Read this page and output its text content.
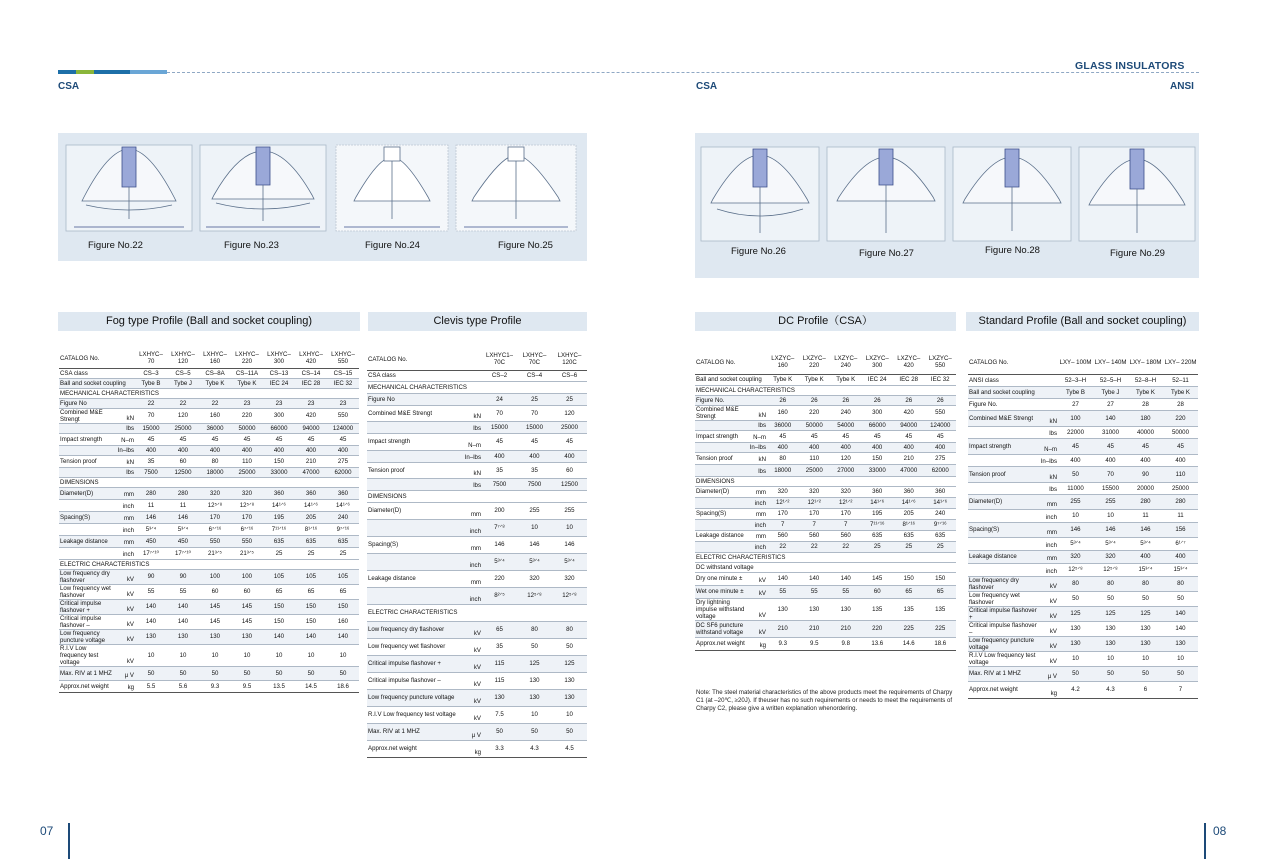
GLASS INSULATORS
CSA	CSA	ANSI
Figure No.22	Figure No.23	Figure No.24	Figure No.25
Figure No.26	Figure No.27	Figure No.28	Figure No.29
Fog type Profile (Ball and socket coupling)	Clevis type Profile	DC Profile（CSA）	Standard Profile (Ball and socket coupling)
CATALOG No.	LXHYC– 70	LXHYC– 120	LXHYC– 160	LXHYC– 220	LXHYC– 300	LXHYC– 420	LXHYC– 550
CSA class	CS–3	CS–5	CS–8A	CS–11A	CS–13	CS–14	CS–15
Ball and socket coupling	Tybe B	Tybe J	Tybe K	Tybe K	IEC 24	IEC 28	IEC 32
MECHANICAL CHARACTERISTICS							
Figure No	22	22	22	23	23	23	23
Combined M&E Strengt kN	70	120	160	220	300	420	550

lbs	15000	25000	36000	50000	66000	94000	124000
Impact strength N–m	45	45	45	45	45	45	45

In–lbs	400	400	400	400	400	400	400
Tension proof kN	35	60	80	110	150	210	275

lbs	7500	12500	18000	25000	33000	47000	62000
DIMENSIONS							
Diameter(D) mm	280	280	320	320	360	360	360

inch	11	11	12⁵ᐟ⁸	12⁵ᐟ⁸	14¹ᐟ⁶	14¹ᐟ⁶	14¹ᐟ⁶
Spacing(S) mm	146	146	170	170	195	205	240

inch	5³ᐟ⁴	5³ᐟ⁴	6⁷ᐟ¹⁶	6⁷ᐟ¹⁶	7¹¹ᐟ¹⁶	8¹ᐟ¹⁶	9⁷ᐟ¹⁶
Leakage distance mm	450	450	550	550	635	635	635

inch	17⁷ᐟ¹⁰	17⁷ᐟ¹⁰	21³ᐟ⁵	21³ᐟ⁵	25	25	25
ELECTRIC CHARACTERISTICS							
Low frequency dry flashover kV	90	90	100	100	105	105	105
Low frequency wet flashover kV	55	55	60	60	65	65	65
Critical impulse flashover + kV	140	140	145	145	150	150	150
Critical impulse flashover – kV	140	140	145	145	150	150	160
Low frequency puncture voltage kV	130	130	130	130	140	140	140
R.I.V Low frequency test voltage kV	10	10	10	10	10	10	10
Max. RIV at 1 MHZ μ V	50	50	50	50	50	50	50
Approx.net weight kg	5.5	5.6	9.3	9.5	13.5	14.5	18.6
CATALOG No.	LXHYC1– 70C	LXHYC– 70C	LXHYC– 120C
CSA class	CS–2	CS–4	CS–6
MECHANICAL CHARACTERISTICS			
Figure No	24	25	25
Combined M&E Strengt kN	70	70	120

lbs	15000	15000	25000
Impact strength N–m	45	45	45

In–lbs	400	400	400
Tension proof kN	35	35	60

lbs	7500	7500	12500
DIMENSIONS			
Diameter(D) mm	200	255	255

inch	7⁷ᐟ⁸	10	10
Spacing(S) mm	146	146	146

inch	5³ᐟ⁴	5³ᐟ⁴	5³ᐟ⁴
Leakage distance mm	220	320	320

inch	8²ᐟ⁵	12⁵ᐟ⁸	12⁵ᐟ⁸
ELECTRIC CHARACTERISTICS			
Low frequency dry flashover kV	65	80	80
Low frequency wet flashover kV	35	50	50
Critical impulse flashover + kV	115	125	125
Critical impulse flashover – kV	115	130	130
Low frequency puncture voltage kV	130	130	130
R.I.V Low frequency test voltage kV	7.5	10	10
Max. RIV at 1 MHZ μ V	50	50	50
Approx.net weight kg	3.3	4.3	4.5
CATALOG No.	LXZYC– 160	LXZYC– 220	LXZYC– 240	LXZYC– 300	LXZYC– 420	LXZYC– 550
Ball and socket coupling	Tybe K	Tybe K	Tybe K	IEC 24	IEC 28	IEC 32
MECHANICAL CHARACTERISTICS						
Figure No.	26	26	26	26	26	26
Combined M&E Strengt kN	160	220	240	300	420	550

lbs	36000	50000	54000	66000	94000	124000
Impact strength N–m	45	45	45	45	45	45

In–lbs	400	400	400	400	400	400
Tension proof kN	80	110	120	150	210	275

lbs	18000	25000	27000	33000	47000	62000
DIMENSIONS						
Diameter(D) mm	320	320	320	360	360	360

inch	12¹ᐟ²	12¹ᐟ²	12¹ᐟ²	14¹ᐟ⁶	14¹ᐟ⁶	14¹ᐟ⁶
Spacing(S) mm	170	170	170	195	205	240

inch	7	7	7	7¹¹ᐟ¹⁶	8¹ᐟ¹⁶	9⁷ᐟ¹⁶
Leakage distance mm	560	560	560	635	635	635

inch	22	22	22	25	25	25
ELECTRIC CHARACTERISTICS						
DC withstand voltage						
Dry one minute ± kV	140	140	140	145	150	150
Wet one minute ± kV	55	55	55	60	65	65
Dry lightning impulse withstand voltage kV	130	130	130	135	135	135
DC SF6 puncture withstand voltage kV	210	210	210	220	225	225
Approx.net weight kg	9.3	9.5	9.8	13.6	14.6	18.6
CATALOG No.	LXY– 100M	LXY– 140M	LXY– 180M	LXY– 220M
ANSI class	52–3–H	52–5–H	52–8–H	52–11
Ball and socket coupling	Tybe B	Tybe J	Tybe K	Tybe K
Figure No.	27	27	28	28
Combined M&E Strengt kN	100	140	180	220

lbs	22000	31000	40000	50000
Impact strength N–m	45	45	45	45

In–lbs	400	400	400	400
Tension proof kN	50	70	90	110

lbs	11000	15500	20000	25000
Diameter(D) mm	255	255	280	280

inch	10	10	11	11
Spacing(S) mm	146	146	146	156

inch	5³ᐟ⁴	5³ᐟ⁴	5³ᐟ⁴	6¹ᐟ⁷
Leakage distance mm	320	320	400	400

inch	12⁵ᐟ⁸	12⁵ᐟ⁸	15³ᐟ⁴	15³ᐟ⁴
Low frequency dry flashover kV	80	80	80	80
Low frequency wet flashover kV	50	50	50	50
Critical impulse flashover + kV	125	125	125	140
Critical impulse flashover – kV	130	130	130	140
Low frequency puncture voltage kV	130	130	130	130
R.I.V Low frequency test voltage kV	10	10	10	10
Max. RIV at 1 MHZ μ V	50	50	50	50
Approx.net weight kg	4.2	4.3	6	7
Note: The steel material characteristics of the above products meet the requirements of Charpy C1 (at –20℃, ≥20J). If theuser has no such requirements or needs to meet the requirements of Charpy C2, please give a written explanation whenordering.
07	08
